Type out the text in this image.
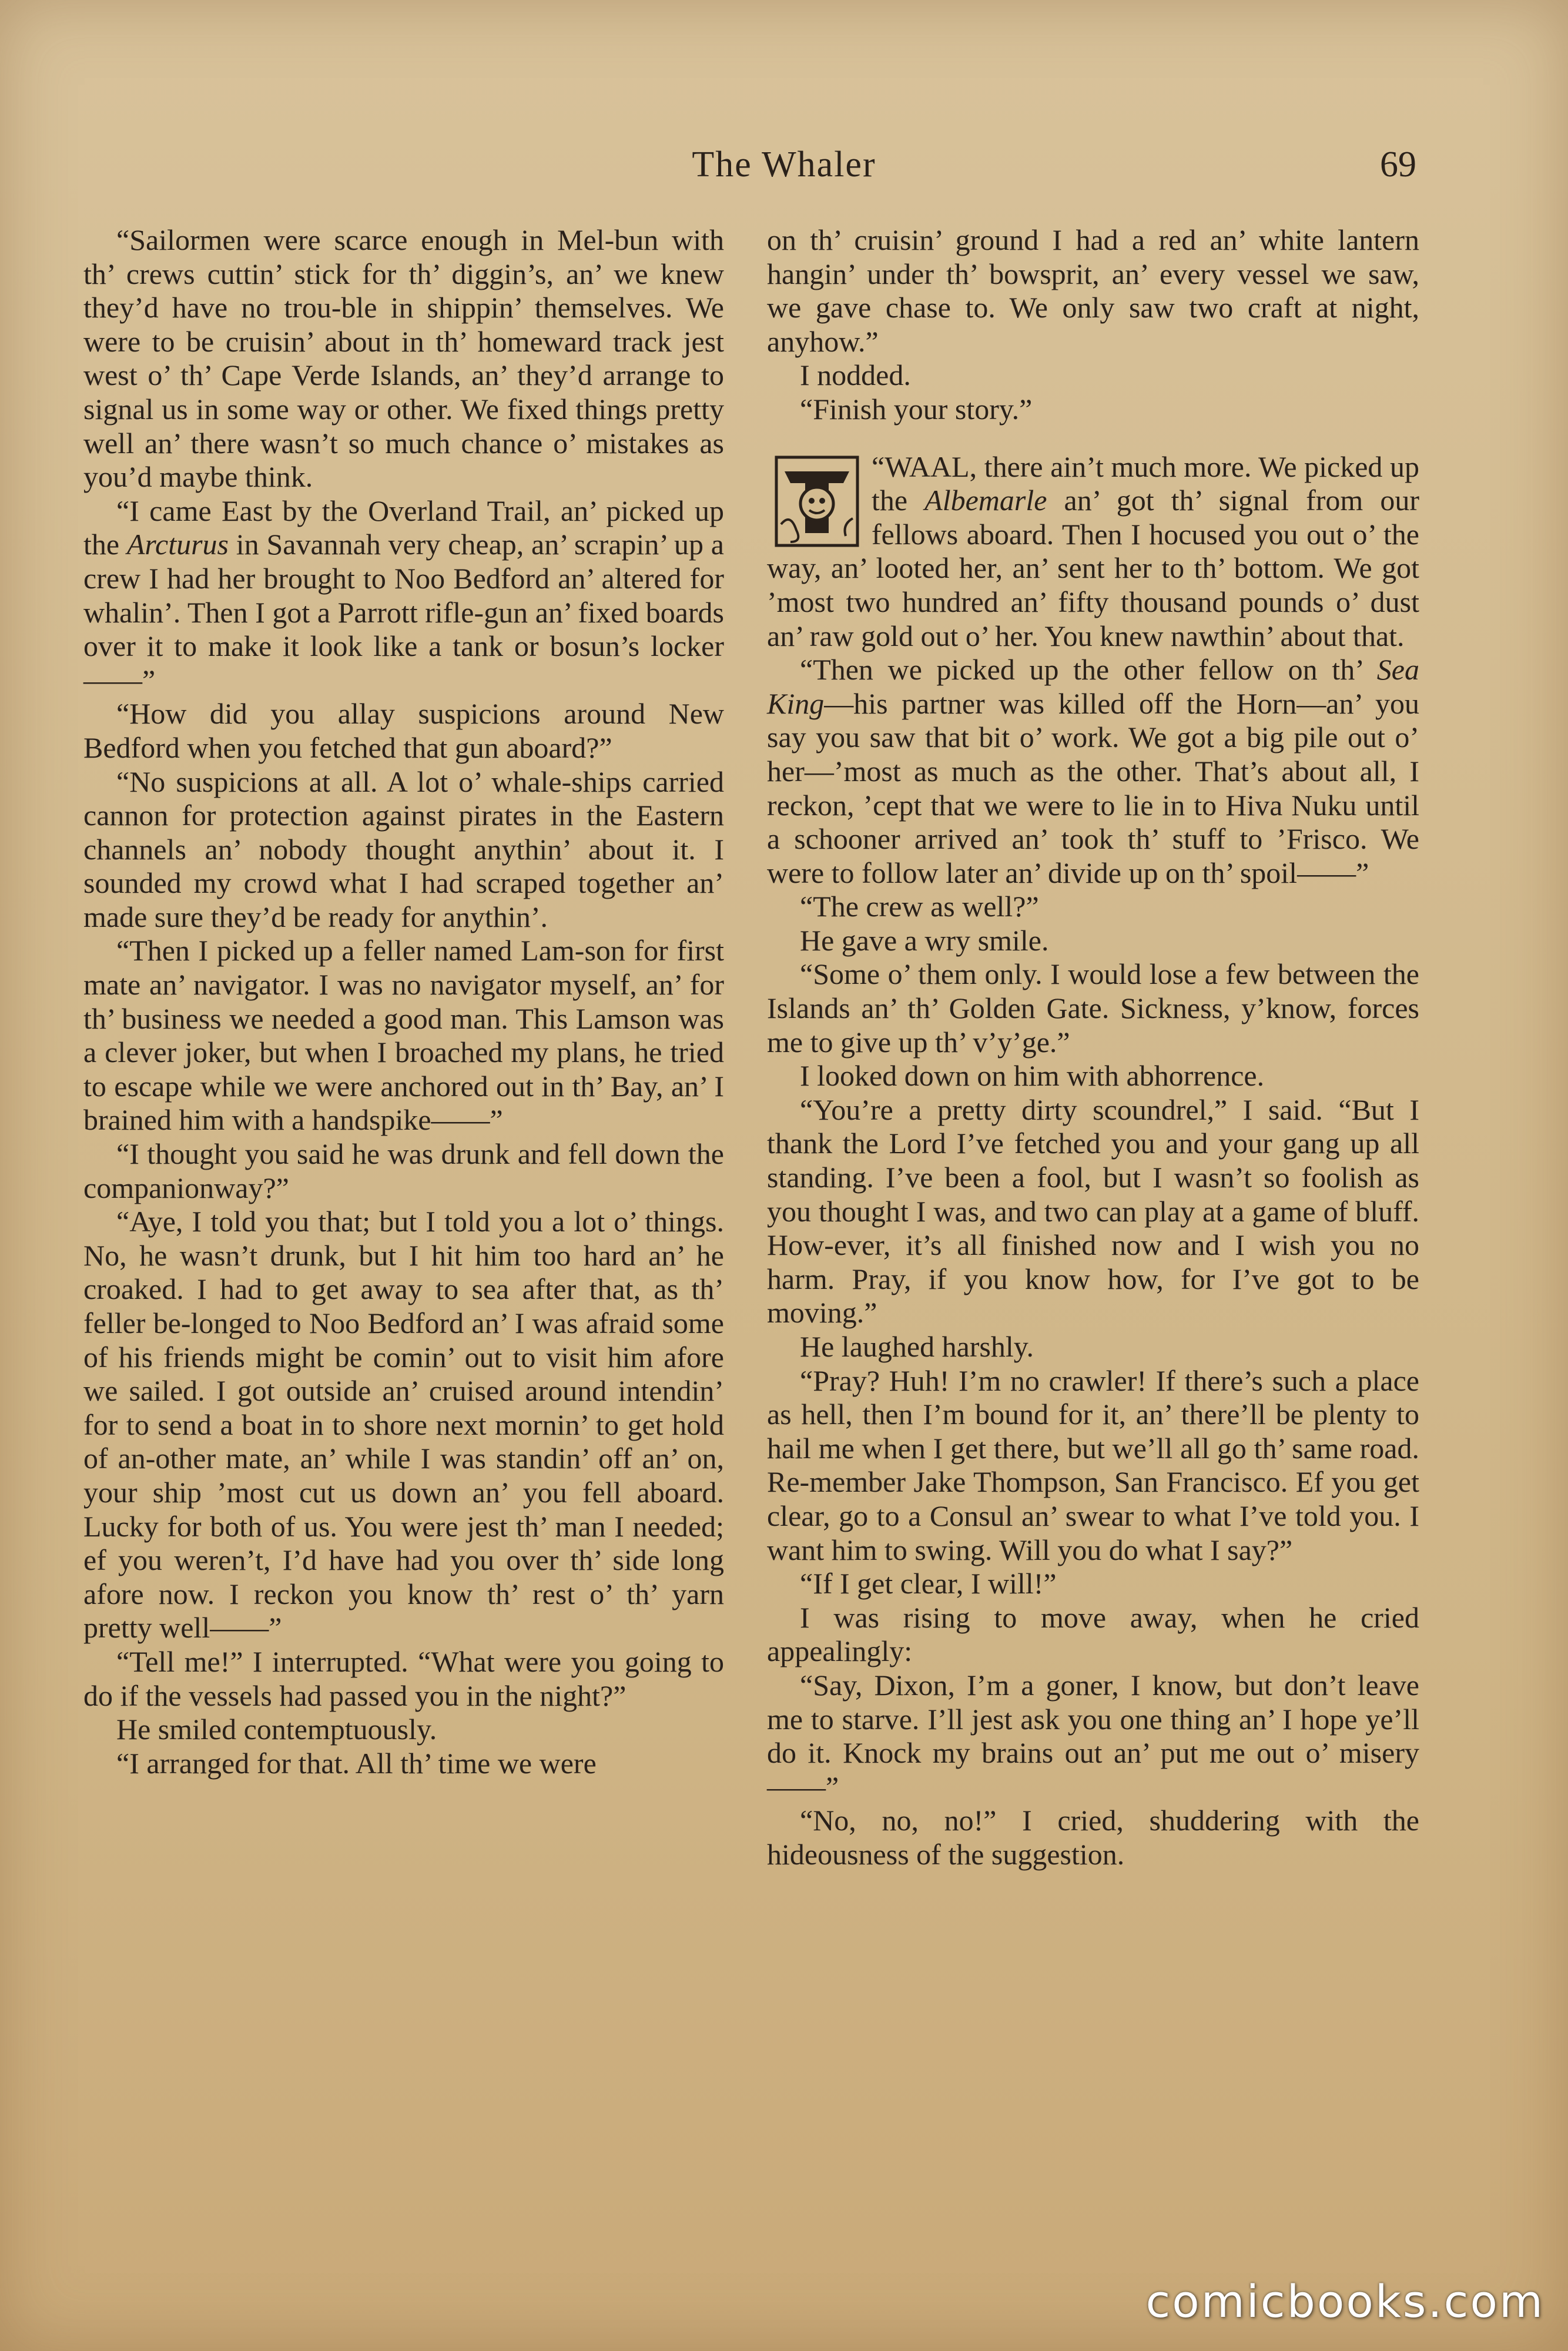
The Whaler	69

“Sailormen were scarce enough in Mel-bun with th’ crews cuttin’ stick for th’ diggin’s, an’ we knew they’d have no trou-ble in shippin’ themselves. We were to be cruisin’ about in th’ homeward track jest west o’ th’ Cape Verde Islands, an’ they’d arrange to signal us in some way or other. We fixed things pretty well an’ there wasn’t so much chance o’ mistakes as you’d maybe think.

“I came East by the Overland Trail, an’ picked up the Arcturus in Savannah very cheap, an’ scrapin’ up a crew I had her brought to Noo Bedford an’ altered for whalin’. Then I got a Parrott rifle-gun an’ fixed boards over it to make it look like a tank or bosun’s locker——”

“How did you allay suspicions around New Bedford when you fetched that gun aboard?”

“No suspicions at all. A lot o’ whale-ships carried cannon for protection against pirates in the Eastern channels an’ nobody thought anythin’ about it. I sounded my crowd what I had scraped together an’ made sure they’d be ready for anythin’.

“Then I picked up a feller named Lam-son for first mate an’ navigator. I was no navigator myself, an’ for th’ business we needed a good man. This Lamson was a clever joker, but when I broached my plans, he tried to escape while we were anchored out in th’ Bay, an’ I brained him with a handspike——”

“I thought you said he was drunk and fell down the companionway?”

“Aye, I told you that; but I told you a lot o’ things. No, he wasn’t drunk, but I hit him too hard an’ he croaked. I had to get away to sea after that, as th’ feller be-longed to Noo Bedford an’ I was afraid some of his friends might be comin’ out to visit him afore we sailed. I got outside an’ cruised around intendin’ for to send a boat in to shore next mornin’ to get hold of an-other mate, an’ while I was standin’ off an’ on, your ship ’most cut us down an’ you fell aboard. Lucky for both of us. You were jest th’ man I needed; ef you weren’t, I’d have had you over th’ side long afore now. I reckon you know th’ rest o’ th’ yarn pretty well——”

“Tell me!” I interrupted. “What were you going to do if the vessels had passed you in the night?”

He smiled contemptuously.

“I arranged for that. All th’ time we were

on th’ cruisin’ ground I had a red an’ white lantern hangin’ under th’ bowsprit, an’ every vessel we saw, we gave chase to. We only saw two craft at night, anyhow.”

I nodded.

“Finish your story.”

“WAAL, there ain’t much more. We picked up the Albemarle an’ got th’ signal from our fellows aboard. Then I hocused you out o’ the way, an’ looted her, an’ sent her to th’ bottom. We got ’most two hundred an’ fifty thousand pounds o’ dust an’ raw gold out o’ her. You knew nawthin’ about that.

“Then we picked up the other fellow on th’ Sea King—his partner was killed off the Horn—an’ you say you saw that bit o’ work. We got a big pile out o’ her—’most as much as the other. That’s about all, I reckon, ’cept that we were to lie in to Hiva Nuku until a schooner arrived an’ took th’ stuff to ’Frisco. We were to follow later an’ divide up on th’ spoil——”

“The crew as well?”

He gave a wry smile.

“Some o’ them only. I would lose a few between the Islands an’ th’ Golden Gate. Sickness, y’know, forces me to give up th’ v’y’ge.”

I looked down on him with abhorrence.

“You’re a pretty dirty scoundrel,” I said. “But I thank the Lord I’ve fetched you and your gang up all standing. I’ve been a fool, but I wasn’t so foolish as you thought I was, and two can play at a game of bluff. How-ever, it’s all finished now and I wish you no harm. Pray, if you know how, for I’ve got to be moving.”

He laughed harshly.

“Pray? Huh! I’m no crawler! If there’s such a place as hell, then I’m bound for it, an’ there’ll be plenty to hail me when I get there, but we’ll all go th’ same road. Re-member Jake Thompson, San Francisco. Ef you get clear, go to a Consul an’ swear to what I’ve told you. I want him to swing. Will you do what I say?”

“If I get clear, I will!”

I was rising to move away, when he cried appealingly:

“Say, Dixon, I’m a goner, I know, but don’t leave me to starve. I’ll jest ask you one thing an’ I hope ye’ll do it. Knock my brains out an’ put me out o’ misery——”

“No, no, no!” I cried, shuddering with the hideousness of the suggestion.

comicbooks.com
